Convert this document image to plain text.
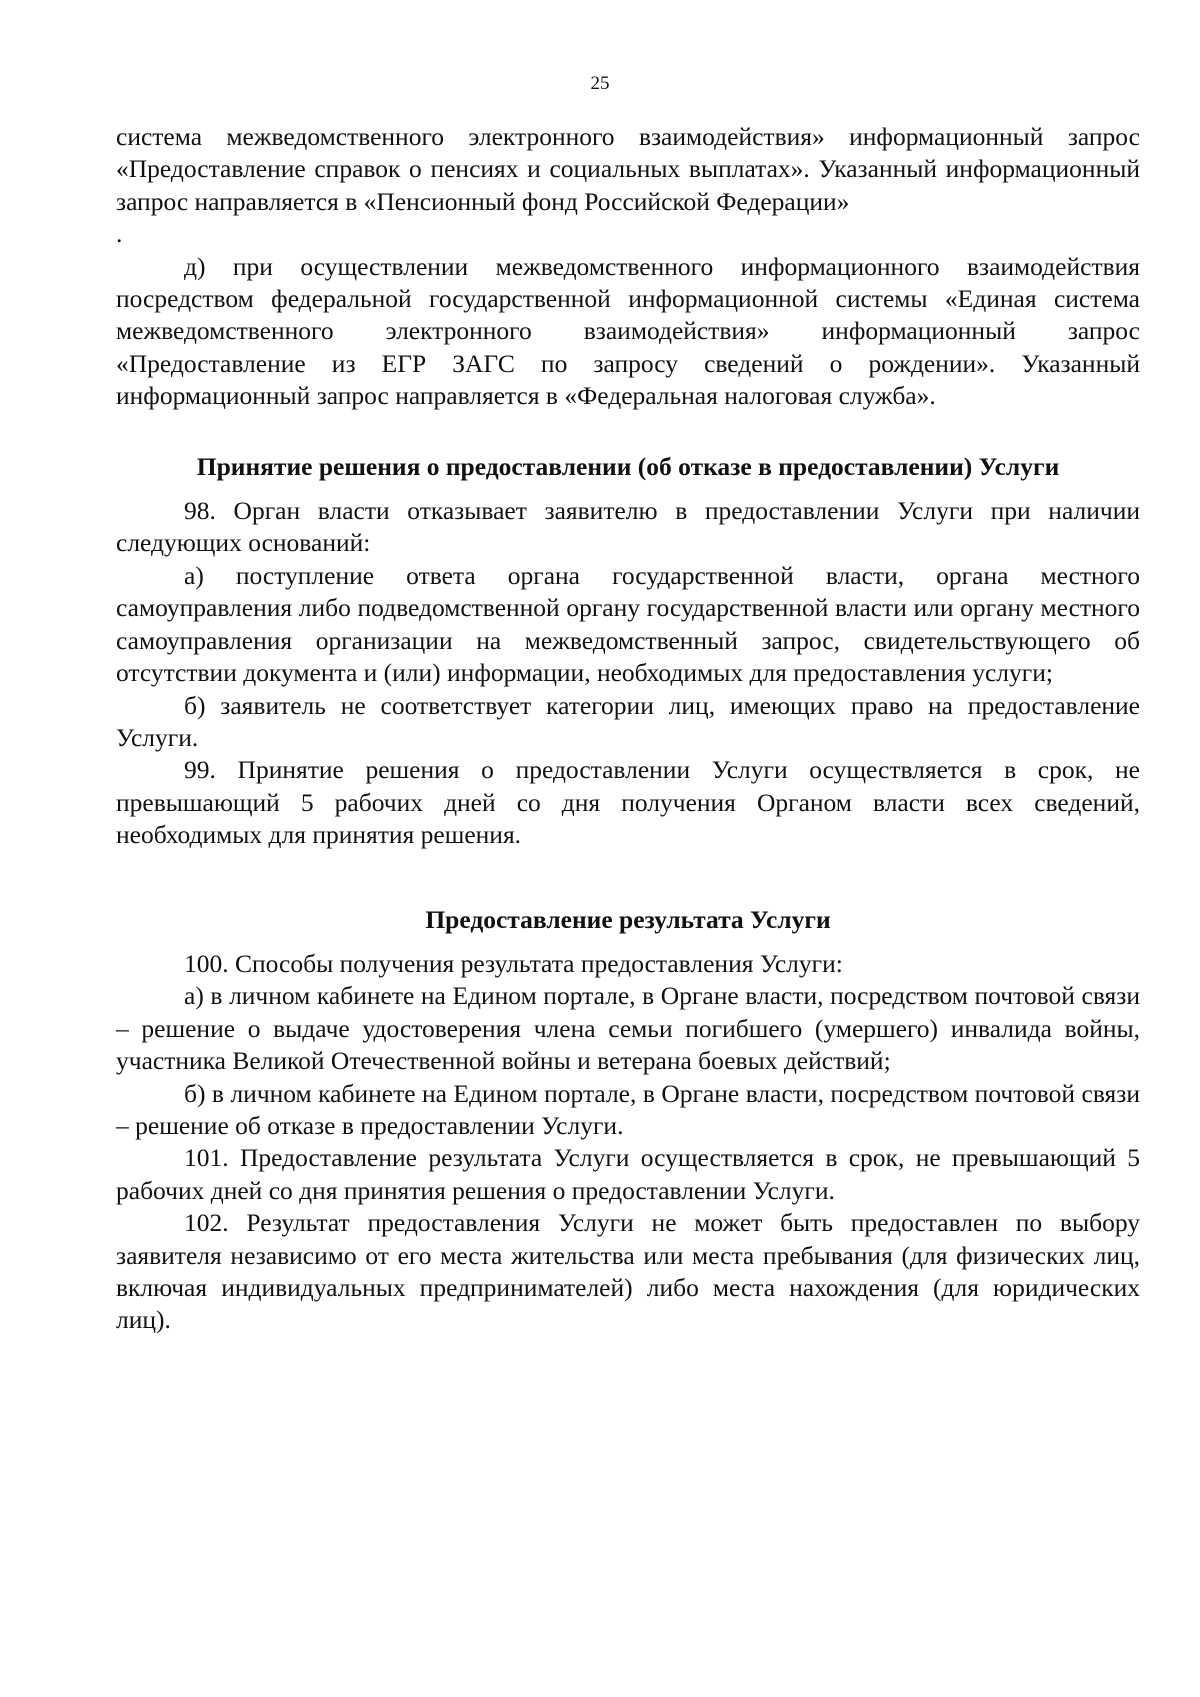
25

система межведомственного электронного взаимодействия» информационный запрос «Предоставление справок о пенсиях и социальных выплатах». Указанный информационный запрос направляется в «Пенсионный фонд Российской Федерации»

.

д) при осуществлении межведомственного информационного взаимодействия посредством федеральной государственной информационной системы «Единая система межведомственного электронного взаимодействия» информационный запрос «Предоставление из ЕГР ЗАГС по запросу сведений о рождении». Указанный информационный запрос направляется в «Федеральная налоговая служба».

Принятие решения о предоставлении (об отказе в предоставлении) Услуги

98. Орган власти отказывает заявителю в предоставлении Услуги при наличии следующих оснований:

а) поступление ответа органа государственной власти, органа местного самоуправления либо подведомственной органу государственной власти или органу местного самоуправления организации на межведомственный запрос, свидетельствующего об отсутствии документа и (или) информации, необходимых для предоставления услуги;

б) заявитель не соответствует категории лиц, имеющих право на предоставление Услуги.

99. Принятие решения о предоставлении Услуги осуществляется в срок, не превышающий 5 рабочих дней со дня получения Органом власти всех сведений, необходимых для принятия решения.

Предоставление результата Услуги

100. Способы получения результата предоставления Услуги:

а) в личном кабинете на Едином портале, в Органе власти, посредством почтовой связи – решение о выдаче удостоверения члена семьи погибшего (умершего) инвалида войны, участника Великой Отечественной войны и ветерана боевых действий;

б) в личном кабинете на Едином портале, в Органе власти, посредством почтовой связи – решение об отказе в предоставлении Услуги.

101. Предоставление результата Услуги осуществляется в срок, не превышающий 5 рабочих дней со дня принятия решения о предоставлении Услуги.

102. Результат предоставления Услуги не может быть предоставлен по выбору заявителя независимо от его места жительства или места пребывания (для физических лиц, включая индивидуальных предпринимателей) либо места нахождения (для юридических лиц).
